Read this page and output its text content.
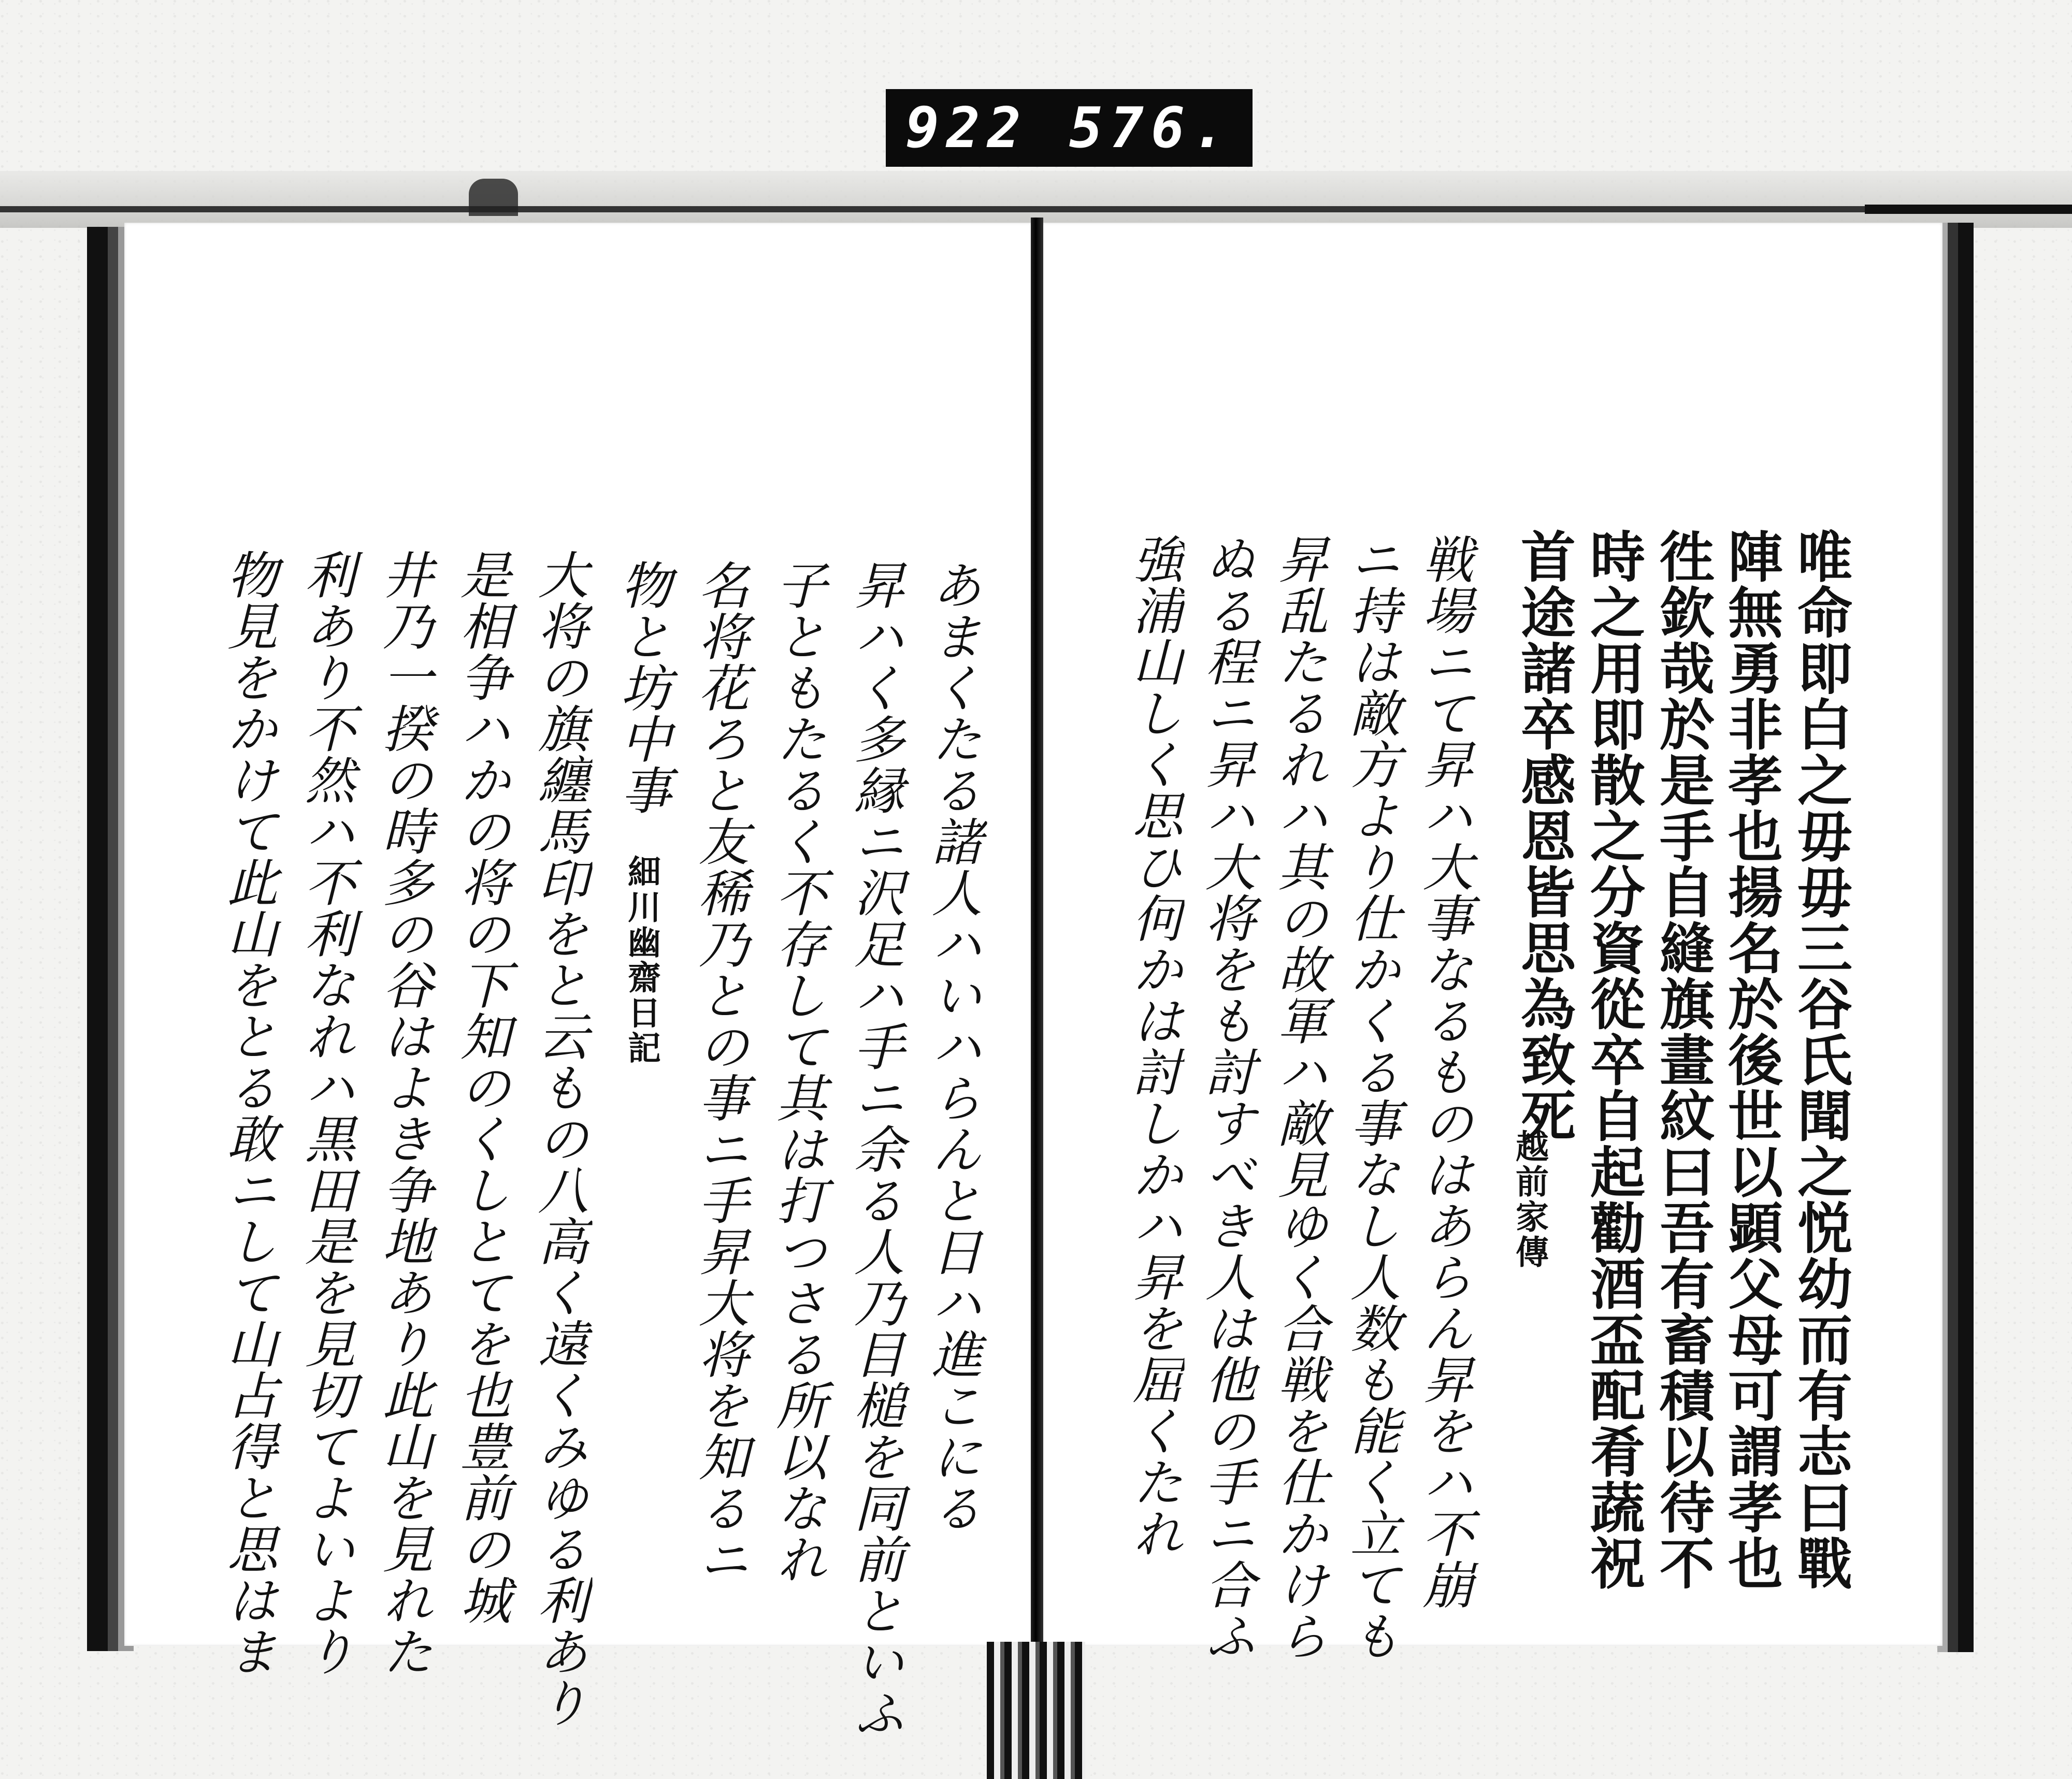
922 576.
唯命即白之毋毋三谷氏聞之悦幼而有志曰戰
陣無勇非孝也揚名於後世以顕父母可謂孝也
徃欽哉於是手自縫旗畫紋曰吾有畜積以待不
時之用即散之分資從卒自起勸酒盃配肴蔬祝
首途諸卒感恩皆思為致死
越前家傳
戦場ニて昇ハ大事なるものはあらん昇をハ不崩
ニ持は敵方より仕かくる事なし人数も能く立ても
昇乱たるれハ其の故軍ハ敵見ゆく合戦を仕かけら
ぬる程ニ昇ハ大将をも討すべき人は他の手ニ合ふ
強浦山しく思ひ何かは討しかハ昇を屈くたれ
あまくたる諸人ハいハらんと日ハ進こにる
昇ハく多縁ニ沢足ハ手ニ余る人乃目槌を同前といふ
子ともたるく不存して其は打つさる所以なれ
名将花ろと友稀乃との事ニ手昇大将を知るニ
物と坊中事
細川幽齋日記
大将の旗纏馬印をと云もの八高く遠くみゆる利あり
是相争ハかの将の下知のくしとてを也豊前の城
井乃一揆の時多の谷はよき争地あり此山を見れた
利あり不然ハ不利なれハ黒田是を見切てよいより
物見をかけて此山をとる敢ニして山占得と思はま
